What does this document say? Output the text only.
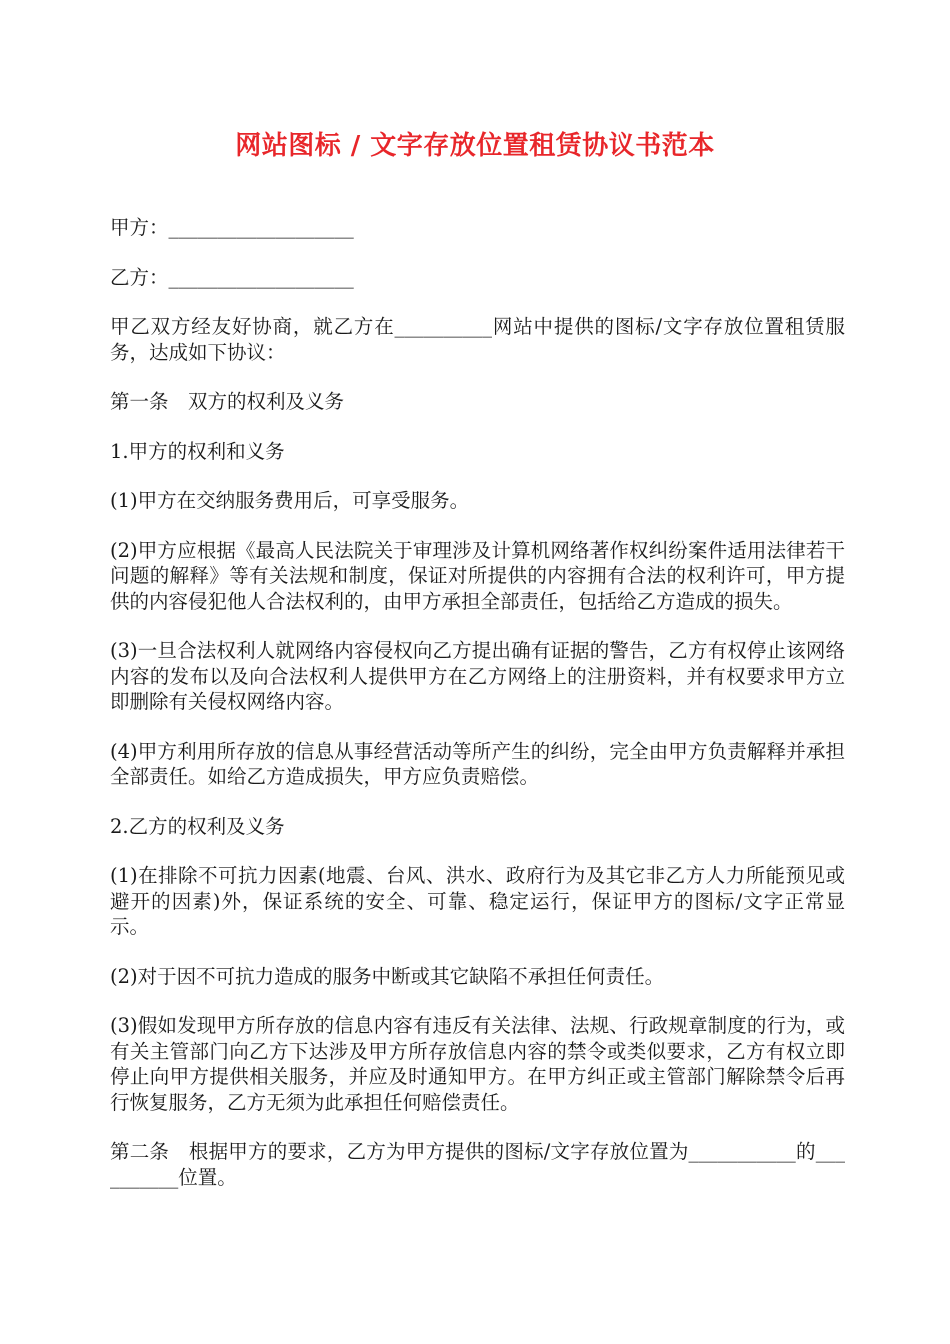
网站图标 / 文字存放位置租赁协议书范本

甲方：___________________

乙方：___________________

甲乙双方经友好协商，就乙方在__________网站中提供的图标/文字存放位置租赁服务，达成如下协议：

第一条　双方的权利及义务

1.甲方的权利和义务

(1)甲方在交纳服务费用后，可享受服务。

(2)甲方应根据《最高人民法院关于审理涉及计算机网络著作权纠纷案件适用法律若干问题的解释》等有关法规和制度，保证对所提供的内容拥有合法的权利许可，甲方提供的内容侵犯他人合法权利的，由甲方承担全部责任，包括给乙方造成的损失。

(3)一旦合法权利人就网络内容侵权向乙方提出确有证据的警告，乙方有权停止该网络内容的发布以及向合法权利人提供甲方在乙方网络上的注册资料，并有权要求甲方立即删除有关侵权网络内容。

(4)甲方利用所存放的信息从事经营活动等所产生的纠纷，完全由甲方负责解释并承担全部责任。如给乙方造成损失，甲方应负责赔偿。

2.乙方的权利及义务

(1)在排除不可抗力因素(地震、台风、洪水、政府行为及其它非乙方人力所能预见或避开的因素)外，保证系统的安全、可靠、稳定运行，保证甲方的图标/文字正常显示。

(2)对于因不可抗力造成的服务中断或其它缺陷不承担任何责任。

(3)假如发现甲方所存放的信息内容有违反有关法律、法规、行政规章制度的行为，或有关主管部门向乙方下达涉及甲方所存放信息内容的禁令或类似要求，乙方有权立即停止向甲方提供相关服务，并应及时通知甲方。在甲方纠正或主管部门解除禁令后再行恢复服务，乙方无须为此承担任何赔偿责任。

第二条　根据甲方的要求，乙方为甲方提供的图标/文字存放位置为___________的__________位置。
